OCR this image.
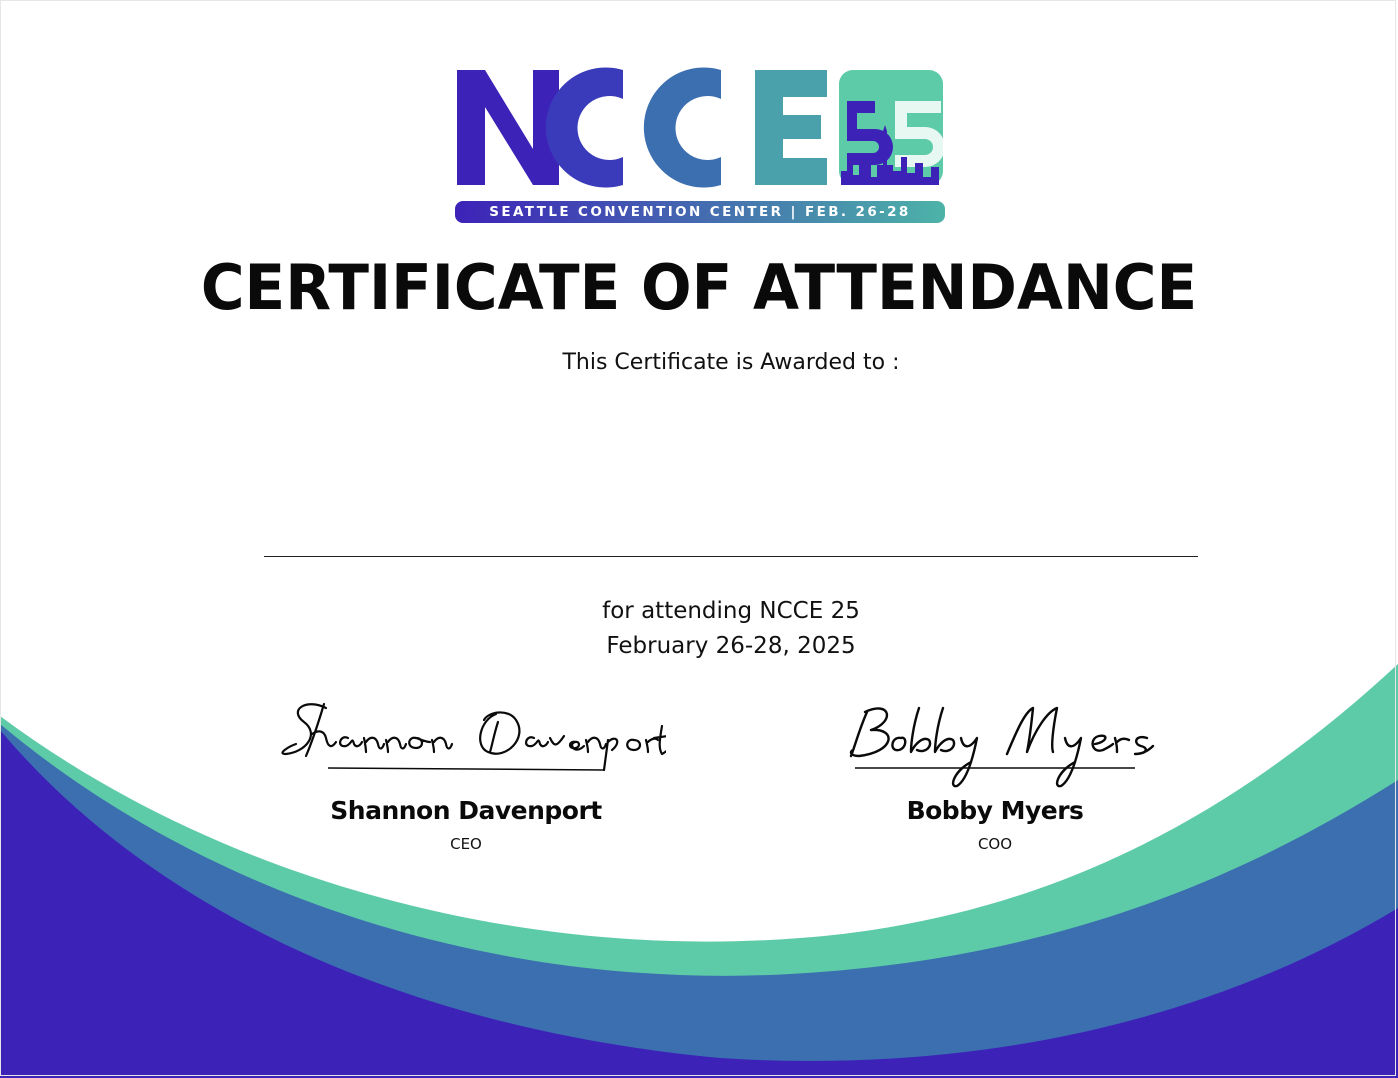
SEATTLE CONVENTION CENTER | FEB. 26-28
CERTIFICATE OF ATTENDANCE
This Certificate is Awarded to :
for attending NCCE 25
February 26-28, 2025
Shannon Davenport
CEO
Bobby Myers
COO
